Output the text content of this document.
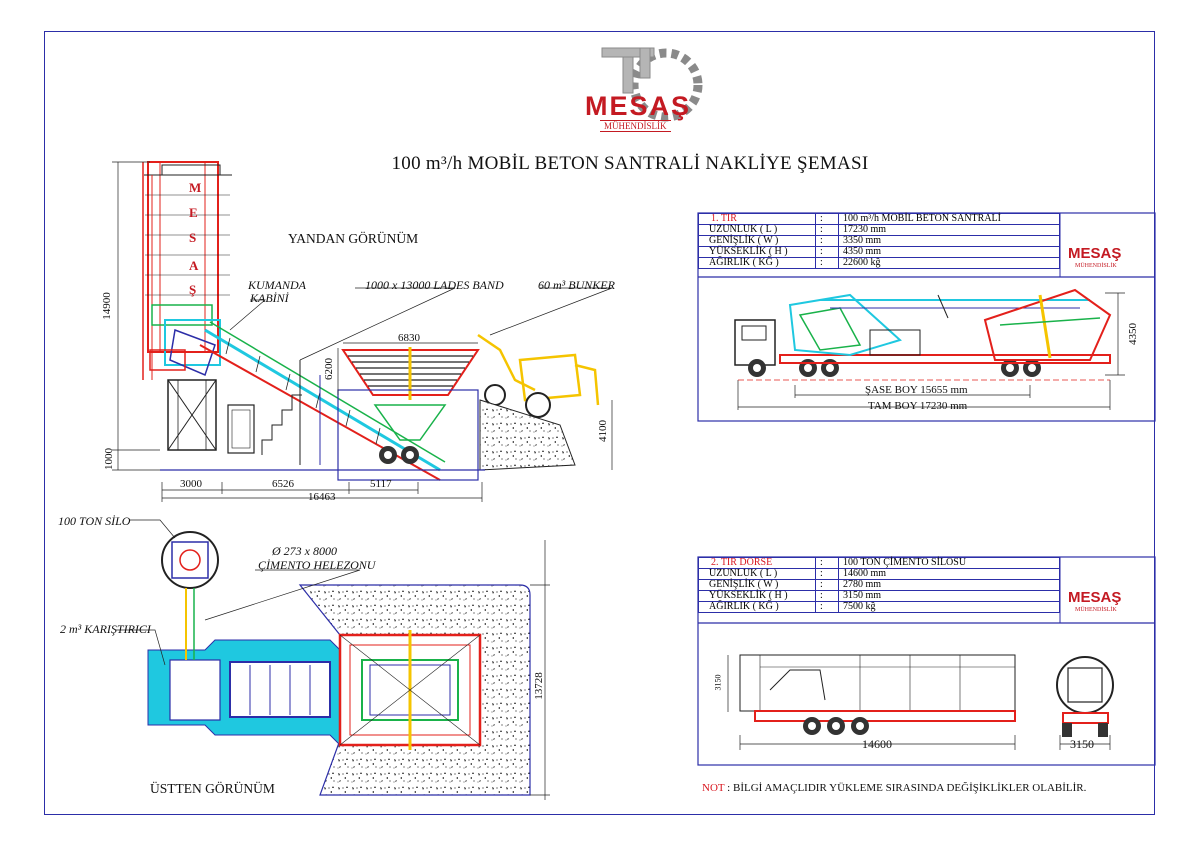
MESAŞ
MÜHENDİSLİK
M
E
S
A
Ş
100 m³/h MOBİL BETON SANTRALİ NAKLİYE ŞEMASI
YANDAN GÖRÜNÜM
KUMANDA
KABİNİ
1000 x 13000 LADES BAND	60 m³ BUNKER
14900
1000
6830
6200
4100
3000	6526	5117
16463
100 TON SİLO
Ø 273 x 8000
ÇİMENTO HELEZONU
2 m³ KARIŞTIRICI
13728
ÜSTTEN GÖRÜNÜM
1. TIR	:	100 m³/h MOBİL BETON SANTRALİ
UZUNLUK ( L )	:	17230 mm
GENİŞLİK ( W )	:	3350 mm
YÜKSEKLİK ( H )	:	4350 mm
AĞIRLIK ( KĞ )	:	22600 kğ
MESAŞ
MÜHENDİSLİK
4350
ŞASE BOY 15655 mm
TAM BOY 17230 mm
2. TIR DORSE	:	100 TON ÇİMENTO SİLOSU
UZUNLUK ( L )	:	14600 mm
GENİŞLİK ( W )	:	2780 mm
YÜKSEKLİK ( H )	:	3150 mm
AĞIRLIK ( KĞ )	:	7500 kğ
MESAŞ
MÜHENDİSLİK
3150
14600	3150
NOT : BİLGİ AMAÇLIDIR YÜKLEME SIRASINDA DEĞİŞİKLİKLER OLABİLİR.
